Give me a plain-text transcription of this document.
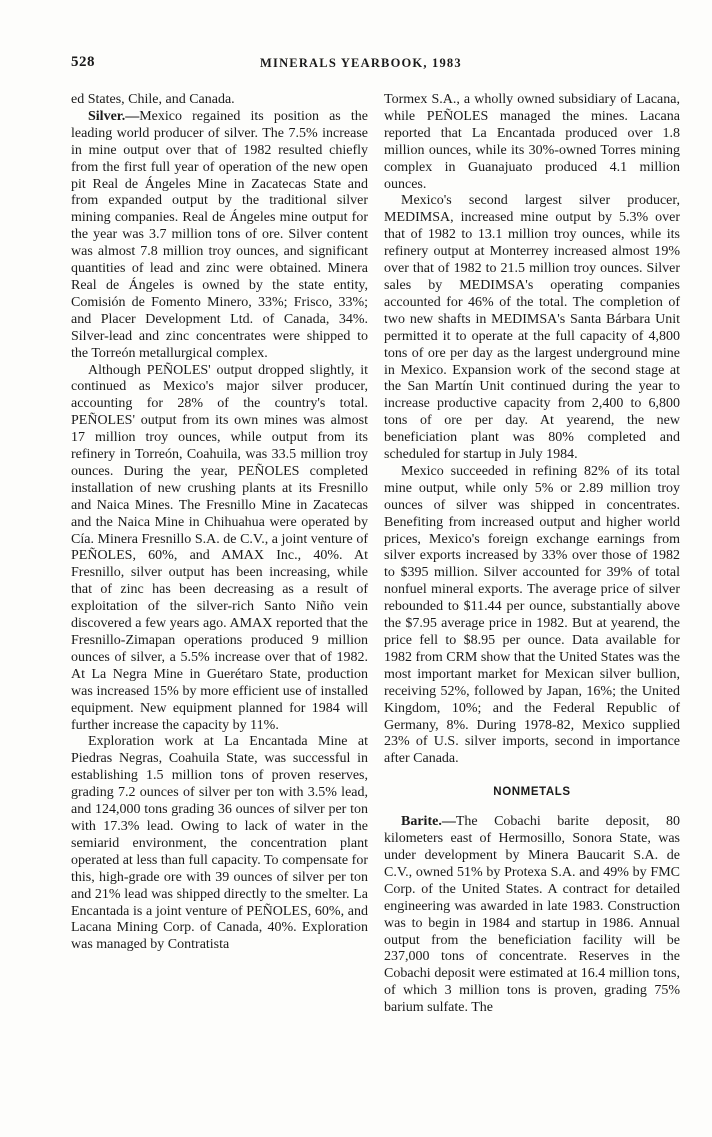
528	MINERALS YEARBOOK, 1983

ed States, Chile, and Canada.

Silver.—Mexico regained its position as the leading world producer of silver. The 7.5% increase in mine output over that of 1982 resulted chiefly from the first full year of operation of the new open pit Real de Ángeles Mine in Zacatecas State and from expanded output by the traditional silver mining companies. Real de Ángeles mine output for the year was 3.7 million tons of ore. Silver content was almost 7.8 million troy ounces, and significant quantities of lead and zinc were obtained. Minera Real de Ángeles is owned by the state entity, Comisión de Fomento Minero, 33%; Frisco, 33%; and Placer Development Ltd. of Canada, 34%. Silver-lead and zinc concentrates were shipped to the Torreón metallurgical complex.

Although PEÑOLES' output dropped slightly, it continued as Mexico's major silver producer, accounting for 28% of the country's total. PEÑOLES' output from its own mines was almost 17 million troy ounces, while output from its refinery in Torreón, Coahuila, was 33.5 million troy ounces. During the year, PEÑOLES completed installation of new crushing plants at its Fresnillo and Naica Mines. The Fresnillo Mine in Zacatecas and the Naica Mine in Chihuahua were operated by Cía. Minera Fresnillo S.A. de C.V., a joint venture of PEÑOLES, 60%, and AMAX Inc., 40%. At Fresnillo, silver output has been increasing, while that of zinc has been decreasing as a result of exploitation of the silver-rich Santo Niño vein discovered a few years ago. AMAX reported that the Fresnillo-Zimapan operations produced 9 million ounces of silver, a 5.5% increase over that of 1982. At La Negra Mine in Guerétaro State, production was increased 15% by more efficient use of installed equipment. New equipment planned for 1984 will further increase the capacity by 11%.

Exploration work at La Encantada Mine at Piedras Negras, Coahuila State, was successful in establishing 1.5 million tons of proven reserves, grading 7.2 ounces of silver per ton with 3.5% lead, and 124,000 tons grading 36 ounces of silver per ton with 17.3% lead. Owing to lack of water in the semiarid environment, the concentration plant operated at less than full capacity. To compensate for this, high-grade ore with 39 ounces of silver per ton and 21% lead was shipped directly to the smelter. La Encantada is a joint venture of PEÑOLES, 60%, and Lacana Mining Corp. of Canada, 40%. Exploration was managed by Contratista

Tormex S.A., a wholly owned subsidiary of Lacana, while PEÑOLES managed the mines. Lacana reported that La Encantada produced over 1.8 million ounces, while its 30%-owned Torres mining complex in Guanajuato produced 4.1 million ounces.

Mexico's second largest silver producer, MEDIMSA, increased mine output by 5.3% over that of 1982 to 13.1 million troy ounces, while its refinery output at Monterrey increased almost 19% over that of 1982 to 21.5 million troy ounces. Silver sales by MEDIMSA's operating companies accounted for 46% of the total. The completion of two new shafts in MEDIMSA's Santa Bárbara Unit permitted it to operate at the full capacity of 4,800 tons of ore per day as the largest underground mine in Mexico. Expansion work of the second stage at the San Martín Unit continued during the year to increase productive capacity from 2,400 to 6,800 tons of ore per day. At yearend, the new beneficiation plant was 80% completed and scheduled for startup in July 1984.

Mexico succeeded in refining 82% of its total mine output, while only 5% or 2.89 million troy ounces of silver was shipped in concentrates. Benefiting from increased output and higher world prices, Mexico's foreign exchange earnings from silver exports increased by 33% over those of 1982 to $395 million. Silver accounted for 39% of total nonfuel mineral exports. The average price of silver rebounded to $11.44 per ounce, substantially above the $7.95 average price in 1982. But at yearend, the price fell to $8.95 per ounce. Data available for 1982 from CRM show that the United States was the most important market for Mexican silver bullion, receiving 52%, followed by Japan, 16%; the United Kingdom, 10%; and the Federal Republic of Germany, 8%. During 1978-82, Mexico supplied 23% of U.S. silver imports, second in importance after Canada.

NONMETALS

Barite.—The Cobachi barite deposit, 80 kilometers east of Hermosillo, Sonora State, was under development by Minera Baucarit S.A. de C.V., owned 51% by Protexa S.A. and 49% by FMC Corp. of the United States. A contract for detailed engineering was awarded in late 1983. Construction was to begin in 1984 and startup in 1986. Annual output from the beneficiation facility will be 237,000 tons of concentrate. Reserves in the Cobachi deposit were estimated at 16.4 million tons, of which 3 million tons is proven, grading 75% barium sulfate. The
